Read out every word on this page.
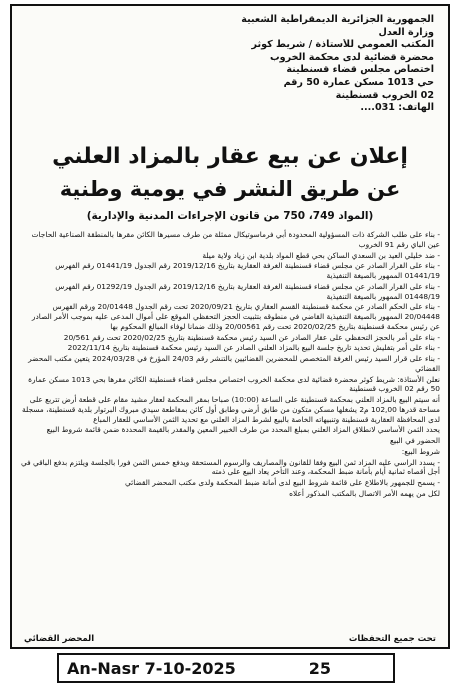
الجمهورية الجزائرية الديمقراطية الشعبية
وزارة العدل
المكتب العمومي للأستاذة / شريط كوثر
محضرة قضائية لدى محكمة الخروب
اختصاص مجلس قضاء قسنطينة
حي 1013 مسكن عمارة 50 رقم
02 الخروب قسنطينة
الهاتف: 031....
إعلان عن بيع عقار بالمزاد العلني
عن طريق النشر في يومية وطنية
(المواد 749، 750 من قانون الإجراءات المدنية والإدارية)

- بناء على طلب الشركة ذات المسؤولية المحدودة أبي فرماسوتيكال ممثلة من طرف مسيرها الكائن مقرها بالمنطقة الصناعية الحاجات عين الباي رقم 91 الخروب

- ضد خليلي العيد بن السعدي الساكن بحي قطع المواد بلدية ابن زياد ولاية ميلة

- بناء على القرار الصادر عن مجلس قضاء قسنطينة الغرفة العقارية بتاريخ 2019/12/16 رقم الجدول 01441/19 رقم الفهرس 01441/19 الممهور بالصيغة التنفيذية

- بناء على القرار الصادر عن مجلس قضاء قسنطينة الغرفة العقارية بتاريخ 2019/12/16 رقم الجدول 01292/19 رقم الفهرس 01448/19 الممهور بالصيغة التنفيذية

- بناء على الحكم الصادر عن محكمة قسنطينة القسم العقاري بتاريخ 2020/09/21 تحت رقم الجدول 20/01448 ورقم الفهرس 20/04448 الممهور بالصيغة التنفيذية القاضي في منطوقه بتثبيت الحجز التحفظي الموقع على أموال المدعى عليه بموجب الأمر الصادر عن رئيس محكمة قسنطينة بتاريخ 2020/02/25 تحت رقم 20/00561 وذلك ضمانا لوفاء المبالغ المحكوم بها

- بناء على أمر بالحجز التحفظي على عقار الصادر عن السيد رئيس محكمة قسنطينة بتاريخ 2020/02/25 تحت رقم 20/561

- بناء على أمر بتفليش تحديد تاريخ جلسة البيع بالمزاد العلني الصادر عن السيد رئيس محكمة قسنطينة بتاريخ 2022/11/14

- بناء على قرار السيد رئيس الغرفة المتخصص للمحضرين القضائيين بالتنشر رقم 24/03 المؤرخ في 2024/03/28 يتعين مكتب المحضر القضائي

نعلن الأستاذة: شريط كوثر محضرة قضائية لدى محكمة الخروب اختصاص مجلس قضاء قسنطينة الكائن مقرها بحي 1013 مسكن عمارة 50 رقم 02 الخروب قسنطينة

أنه سيتم البيع بالمزاد العلني بمحكمة قسنطينة على الساعة (10:00) صباحا بمقر المحكمة لعقار مشيد مقام على قطعة أرض تتربع على مساحة قدرها 102,00 م2 يشغلها مسكن متكون من طابق أرضي وطابق أول كائن بمقاطعة سيدي مبروك البرتوار بلدية قسنطينة، مسجلة لدى المحافظة العقارية قسنطينة وتنبيهاته الخاصة بالبيع لشرط المزاد العلني مع تحديد الثمن الأساسي للعقار المباع

يحدد الثمن الأساسي لانطلاق المزاد العلني بمبلغ المحدد من طرف الخبير المعين والمقدر بالقيمة المحددة ضمن قائمة شروط البيع

الحضور في البيع

شروط البيع:

- يسدد الراسي عليه المزاد ثمن البيع وفقا للقانون والمصاريف والرسوم المستحقة ويدفع خمس الثمن فورا بالجلسة ويلتزم بدفع الباقي في أجل أقصاه ثمانية أيام بأمانة ضبط المحكمة، وعند التأخر يعاد البيع على ذمته

- يسمح للجمهور بالاطلاع على قائمة شروط البيع لدى أمانة ضبط المحكمة ولدى مكتب المحضر القضائي

لكل من يهمه الأمر الاتصال بالمكتب المذكور أعلاه

تحت جميع التحفظات
المحضر القضائي
An-Nasr 7-10-2025	25
